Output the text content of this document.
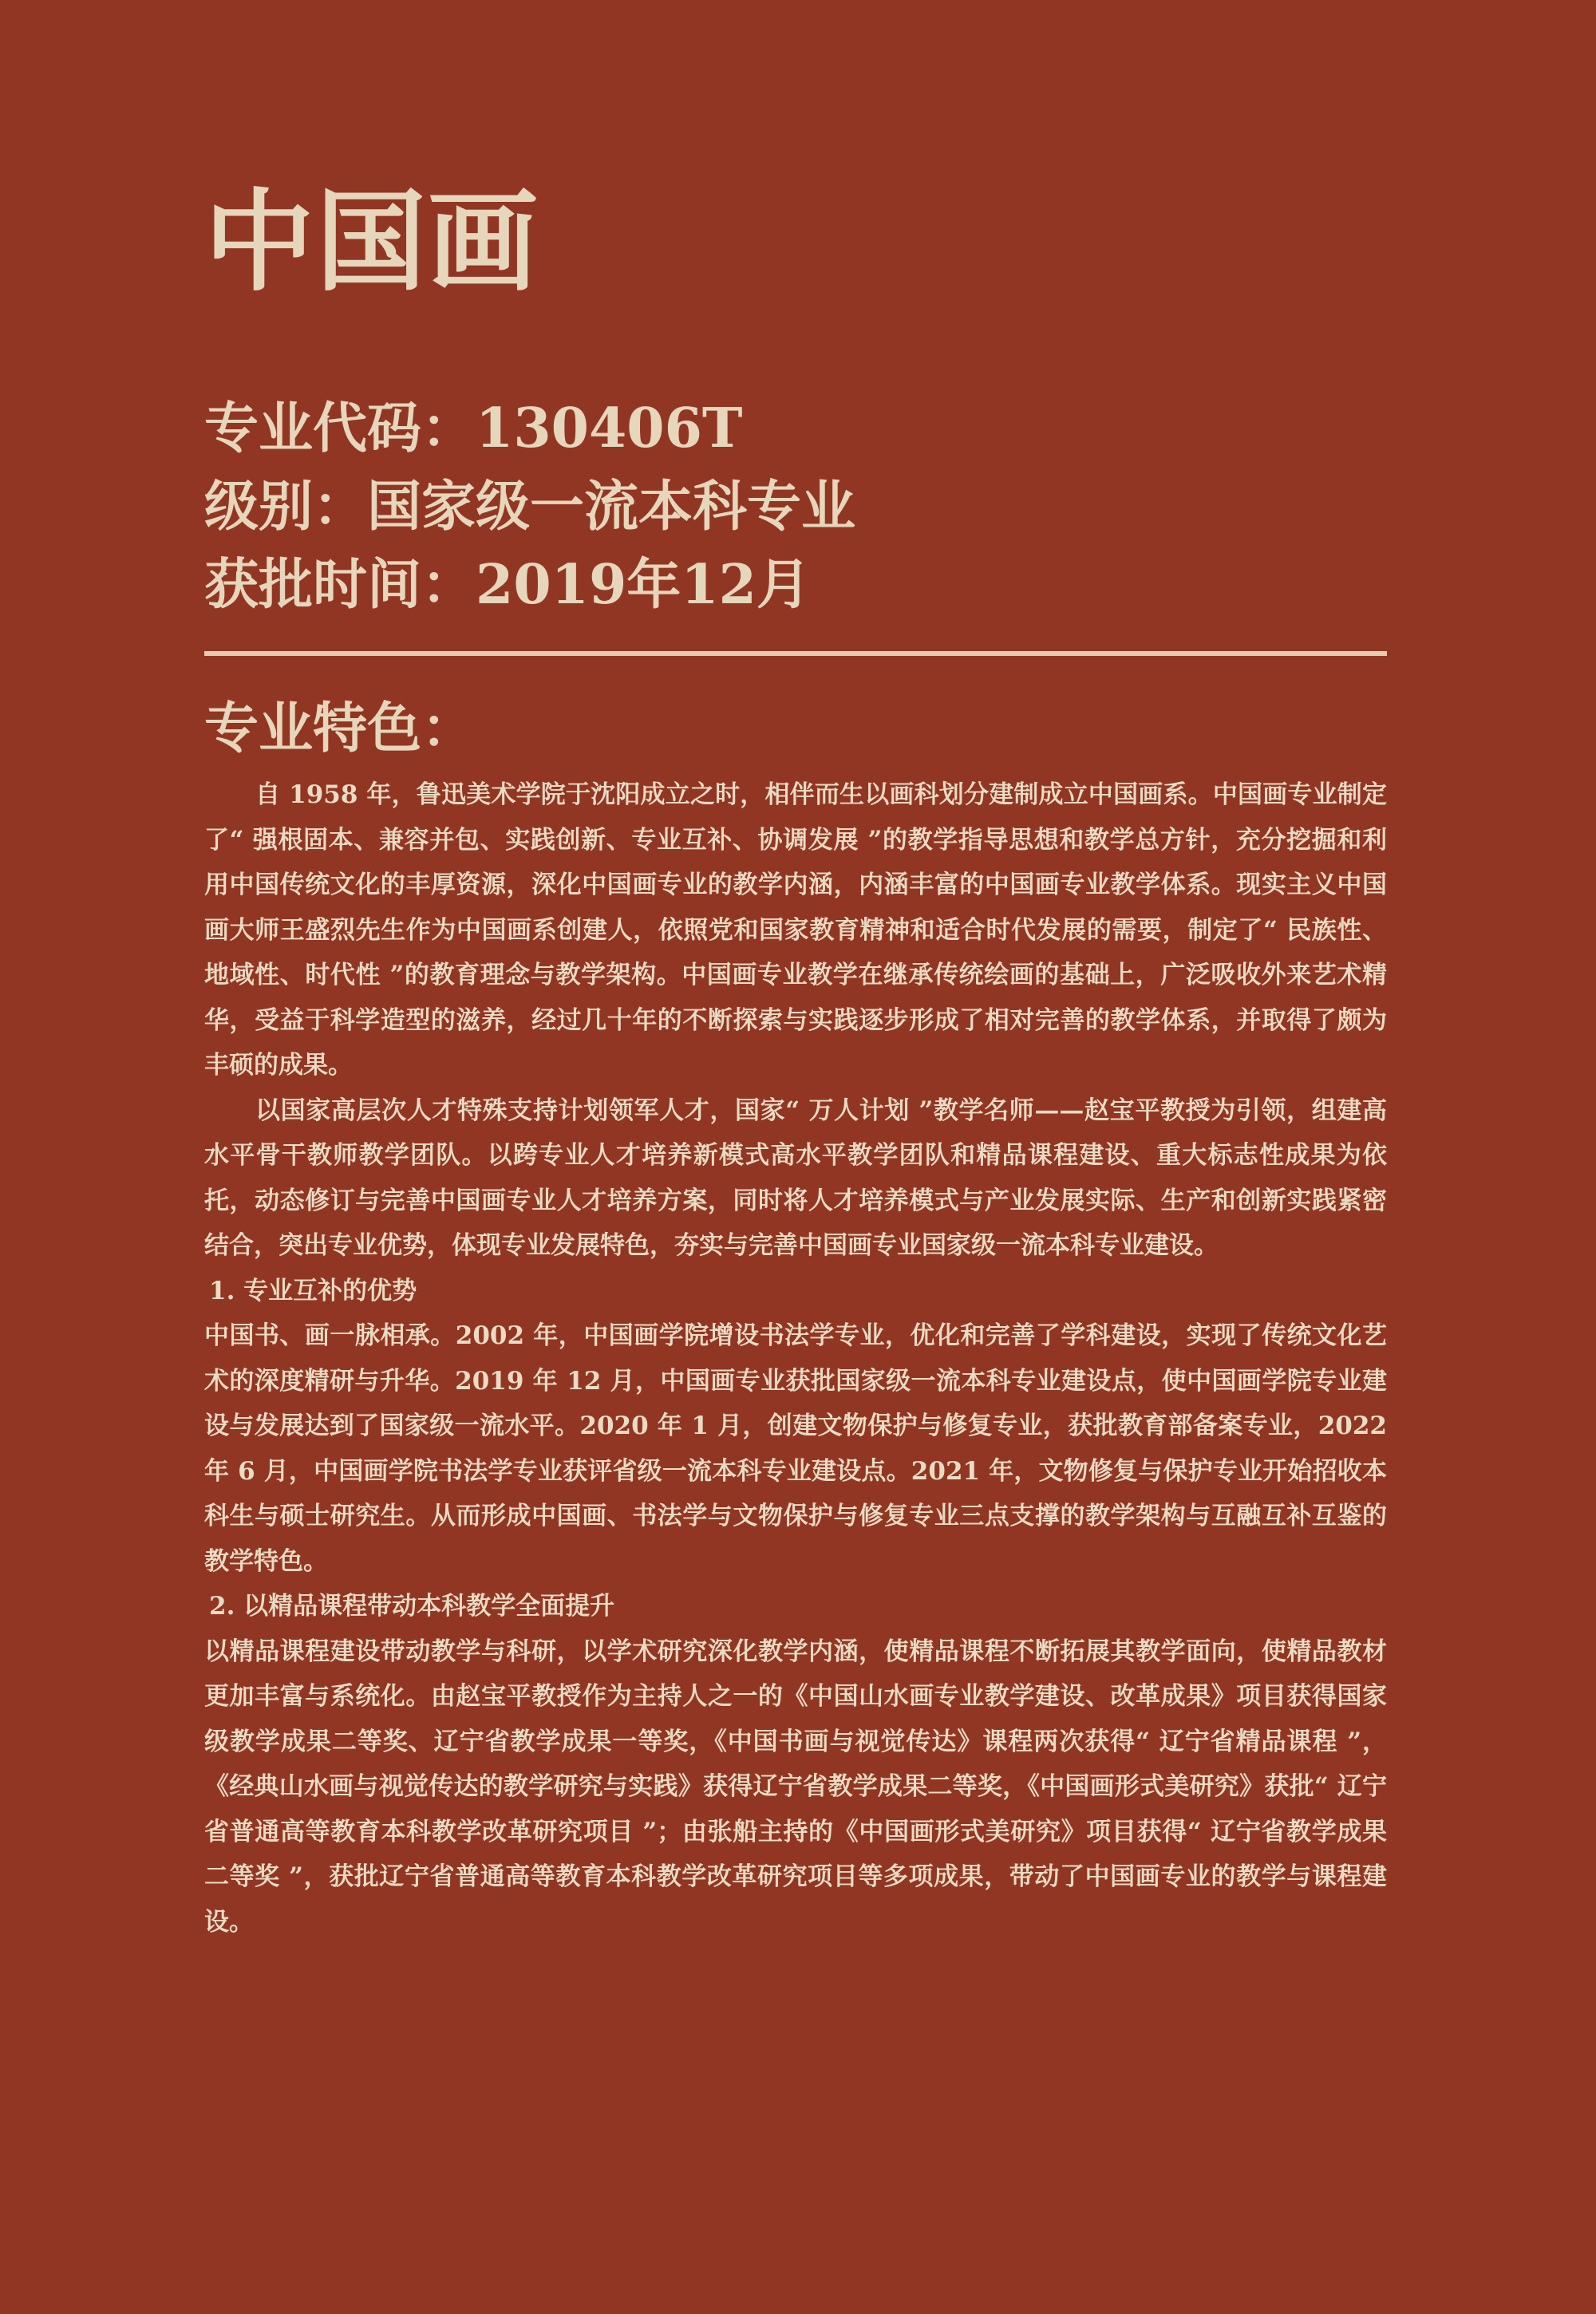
中国画
专业代码：130406T
级别：国家级一流本科专业
获批时间：2019年12月
专业特色：

自 1958 年，鲁迅美术学院于沈阳成立之时，相伴而生以画科划分建制成立中国画系。中国画专业制定了“ 强根固本、兼容并包、实践创新、专业互补、协调发展 ”的教学指导思想和教学总方针，充分挖掘和利用中国传统文化的丰厚资源，深化中国画专业的教学内涵，内涵丰富的中国画专业教学体系。现实主义中国画大师王盛烈先生作为中国画系创建人，依照党和国家教育精神和适合时代发展的需要，制定了“ 民族性、地域性、时代性 ”的教育理念与教学架构。中国画专业教学在继承传统绘画的基础上，广泛吸收外来艺术精华，受益于科学造型的滋养，经过几十年的不断探索与实践逐步形成了相对完善的教学体系，并取得了颇为丰硕的成果。

以国家高层次人才特殊支持计划领军人才，国家“ 万人计划 ”教学名师——赵宝平教授为引领，组建高水平骨干教师教学团队。以跨专业人才培养新模式高水平教学团队和精品课程建设、重大标志性成果为依托，动态修订与完善中国画专业人才培养方案，同时将人才培养模式与产业发展实际、生产和创新实践紧密结合，突出专业优势，体现专业发展特色，夯实与完善中国画专业国家级一流本科专业建设。

1. 专业互补的优势

中国书、画一脉相承。2002 年，中国画学院增设书法学专业，优化和完善了学科建设，实现了传统文化艺术的深度精研与升华。2019 年 12 月，中国画专业获批国家级一流本科专业建设点，使中国画学院专业建设与发展达到了国家级一流水平。2020 年 1 月，创建文物保护与修复专业，获批教育部备案专业，2022 年 6 月，中国画学院书法学专业获评省级一流本科专业建设点。2021 年，文物修复与保护专业开始招收本科生与硕士研究生。从而形成中国画、书法学与文物保护与修复专业三点支撑的教学架构与互融互补互鉴的教学特色。

2. 以精品课程带动本科教学全面提升

以精品课程建设带动教学与科研，以学术研究深化教学内涵，使精品课程不断拓展其教学面向，使精品教材更加丰富与系统化。由赵宝平教授作为主持人之一的《中国山水画专业教学建设、改革成果》项目获得国家级教学成果二等奖、辽宁省教学成果一等奖，《中国书画与视觉传达》课程两次获得“ 辽宁省精品课程 ”，《经典山水画与视觉传达的教学研究与实践》获得辽宁省教学成果二等奖，《中国画形式美研究》获批“ 辽宁省普通高等教育本科教学改革研究项目 ”；由张船主持的《中国画形式美研究》项目获得“ 辽宁省教学成果二等奖 ”，获批辽宁省普通高等教育本科教学改革研究项目等多项成果，带动了中国画专业的教学与课程建设。
